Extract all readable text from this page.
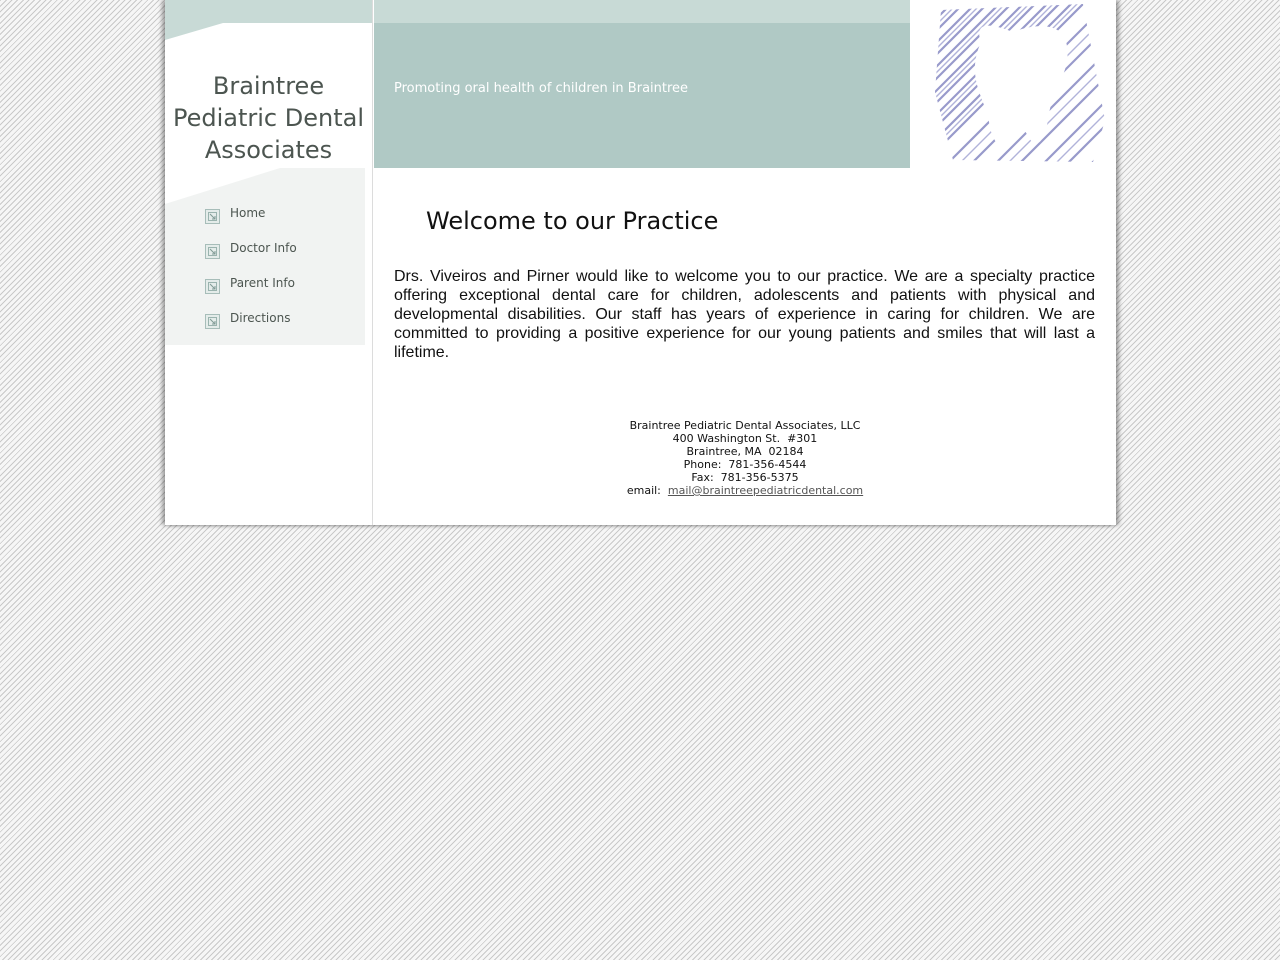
Braintree
Pediatric Dental
Associates
Home
Doctor Info
Parent Info
Directions

Promoting oral health of children in Braintree

Welcome to our Practice

Drs. Viveiros and Pirner would like to welcome you to our practice. We are a specialty practice offering exceptional dental care for children, adolescents and patients with physical and developmental disabilities. Our staff has years of experience in caring for children. We are committed to providing a positive experience for our young patients and smiles that will last a lifetime.

Braintree Pediatric Dental Associates, LLC
400 Washington St.  #301
Braintree, MA  02184
Phone:  781-356-4544
Fax:  781-356-5375
email:  mail@braintreepediatricdental.com
